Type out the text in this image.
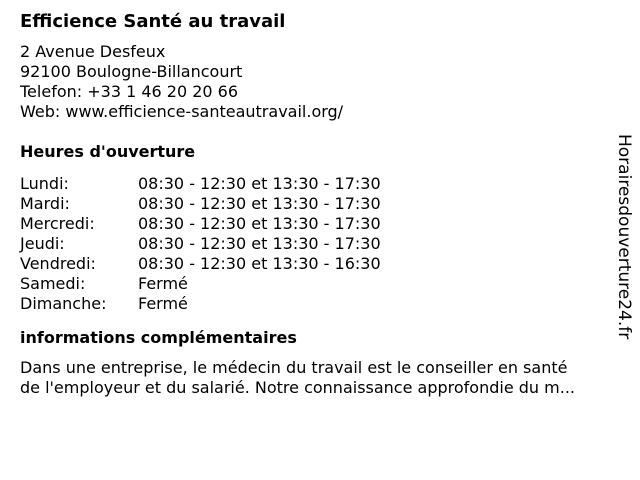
Efficience Santé au travail
2 Avenue Desfeux
92100 Boulogne-Billancourt
Telefon: +33 1 46 20 20 66
Web: www.efficience-santeautravail.org/
Heures d'ouverture
Lundi:	08:30 - 12:30 et 13:30 - 17:30
Mardi:	08:30 - 12:30 et 13:30 - 17:30
Mercredi:	08:30 - 12:30 et 13:30 - 17:30
Jeudi:	08:30 - 12:30 et 13:30 - 17:30
Vendredi:	08:30 - 12:30 et 13:30 - 16:30
Samedi:	Fermé
Dimanche:	Fermé
informations complémentaires
Dans une entreprise, le médecin du travail est le conseiller en santé
de l'employeur et du salarié. Notre connaissance approfondie du m...
Horairesdouverture24.fr
